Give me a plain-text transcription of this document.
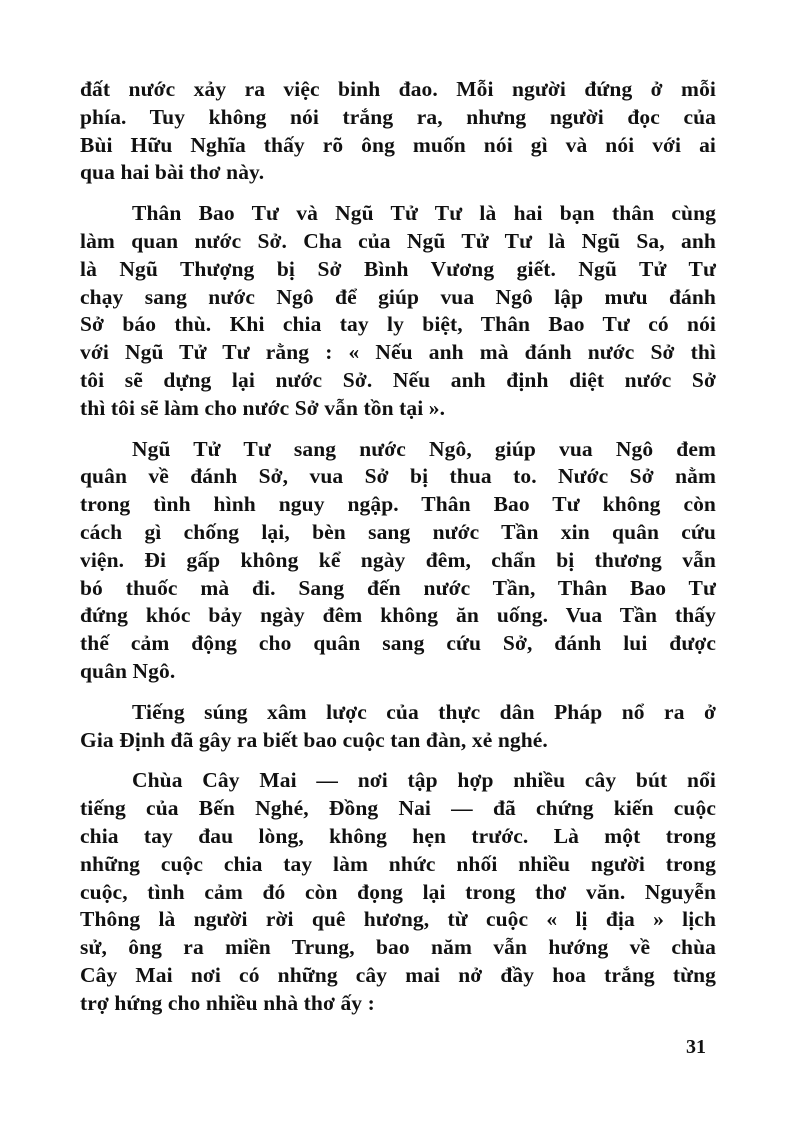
đất nước xảy ra việc binh đao. Mỗi người đứng ở mỗi
phía. Tuy không nói trắng ra, nhưng người đọc của
Bùi Hữu Nghĩa thấy rõ ông muốn nói gì và nói với ai
qua hai bài thơ này.
Thân Bao Tư và Ngũ Tử Tư là hai bạn thân cùng
làm quan nước Sở. Cha của Ngũ Tử Tư là Ngũ Sa, anh
là Ngũ Thượng bị Sở Bình Vương giết. Ngũ Tử Tư
chạy sang nước Ngô để giúp vua Ngô lập mưu đánh
Sở báo thù. Khi chia tay ly biệt, Thân Bao Tư có nói
với Ngũ Tử Tư rằng : « Nếu anh mà đánh nước Sở thì
tôi sẽ dựng lại nước Sở. Nếu anh định diệt nước Sở
thì tôi sẽ làm cho nước Sở vẫn tồn tại ».
Ngũ Tử Tư sang nước Ngô, giúp vua Ngô đem
quân về đánh Sở, vua Sở bị thua to. Nước Sở nằm
trong tình hình nguy ngập. Thân Bao Tư không còn
cách gì chống lại, bèn sang nước Tần xin quân cứu
viện. Đi gấp không kể ngày đêm, chẩn bị thương vẫn
bó thuốc mà đi. Sang đến nước Tần, Thân Bao Tư
đứng khóc bảy ngày đêm không ăn uống. Vua Tần thấy
thế cảm động cho quân sang cứu Sở, đánh lui được
quân Ngô.
Tiếng súng xâm lược của thực dân Pháp nổ ra ở
Gia Định đã gây ra biết bao cuộc tan đàn, xẻ nghé.
Chùa Cây Mai — nơi tập hợp nhiều cây bút nổi
tiếng của Bến Nghé, Đồng Nai — đã chứng kiến cuộc
chia tay đau lòng, không hẹn trước. Là một trong
những cuộc chia tay làm nhức nhối nhiều người trong
cuộc, tình cảm đó còn đọng lại trong thơ văn. Nguyễn
Thông là người rời quê hương, từ cuộc « lị địa » lịch
sử, ông ra miền Trung, bao năm vẫn hướng về chùa
Cây Mai nơi có những cây mai nở đầy hoa trắng từng
trợ hứng cho nhiều nhà thơ ấy :
31
